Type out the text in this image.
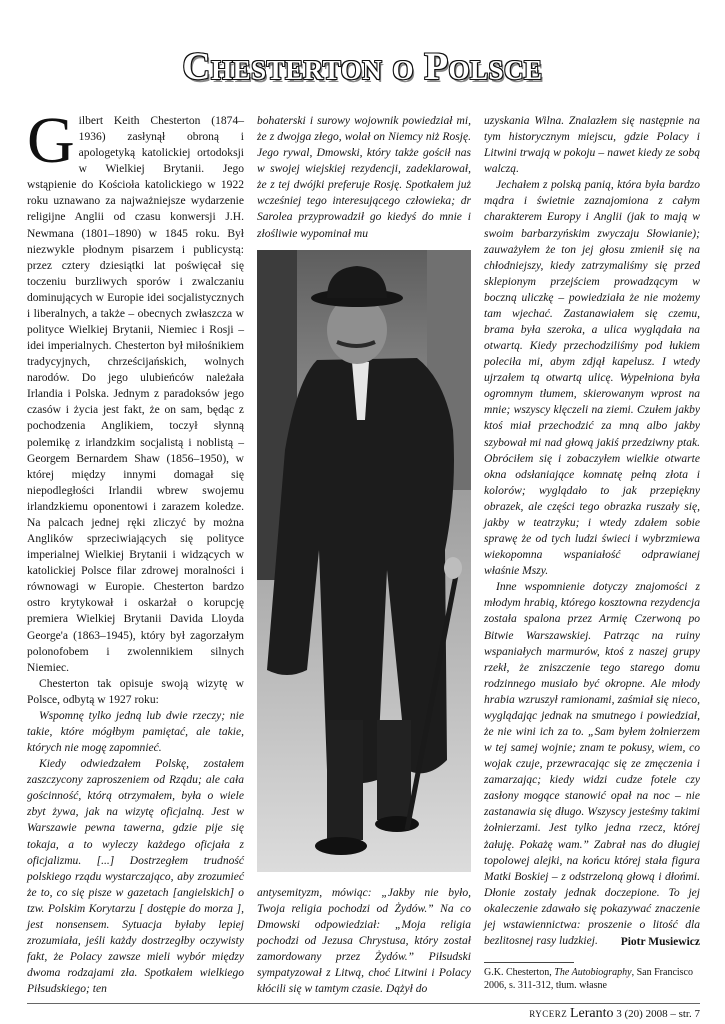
Chesterton o Polsce

Gilbert Keith Chesterton (1874–1936) zasłynął obroną i apologetyką katolickiej ortodoksji w Wielkiej Brytanii. Jego wstąpienie do Kościoła katolickiego w 1922 roku uznawano za najważniejsze wydarzenie religijne Anglii od czasu konwersji J.H. Newmana (1801–1890) w 1845 roku. Był niezwykle płodnym pisarzem i publicystą: przez cztery dziesiątki lat poświęcał się toczeniu burzliwych sporów i zwalczaniu dominujących w Europie idei socjalistycznych i liberalnych, a także – obecnych zwłaszcza w polityce Wielkiej Brytanii, Niemiec i Rosji – idei imperialnych. Chesterton był miłośnikiem tradycyjnych, chrześcijańskich, wolnych narodów. Do jego ulubieńców należała Irlandia i Polska. Jednym z paradoksów jego czasów i życia jest fakt, że on sam, będąc z pochodzenia Anglikiem, toczył słynną polemikę z irlandzkim socjalistą i noblistą – Georgem Bernardem Shaw (1856–1950), w której między innymi domagał się niepodległości Irlandii wbrew swojemu irlandzkiemu oponentowi i zarazem koledze. Na palcach jednej ręki zliczyć by można Anglików sprzeciwiających się polityce imperialnej Wielkiej Brytanii i widzących w katolickiej Polsce filar zdrowej moralności i równowagi w Europie. Chesterton bardzo ostro krytykował i oskarżał o korupcję premiera Wielkiej Brytanii Davida Lloyda George'a (1863–1945), który był zagorzałym polonofobem i zwolennikiem silnych Niemiec.

Chesterton tak opisuje swoją wizytę w Polsce, odbytą w 1927 roku:

Wspomnę tylko jedną lub dwie rzeczy; nie takie, które mógłbym pamiętać, ale takie, których nie mogę zapomnieć.

Kiedy odwiedzałem Polskę, zostałem zaszczycony zaproszeniem od Rządu; ale cała gościnność, którą otrzymałem, była o wiele zbyt żywa, jak na wizytę oficjalną. Jest w Warszawie pewna tawerna, gdzie pije się tokaja, a to wyleczy każdego oficjała z oficjalizmu. [...] Dostrzegłem trudność polskiego rządu wystarczająco, aby zrozumieć że to, co się pisze w gazetach [angielskich] o tzw. Polskim Korytarzu [ dostępie do morza ], jest nonsensem. Sytuacja byłaby lepiej zrozumiała, jeśli każdy dostrzegłby oczywisty fakt, że Polacy zawsze mieli wybór między dwoma rodzajami zła. Spotkałem wielkiego Piłsudskiego; ten

bohaterski i surowy wojownik powiedział mi, że z dwojga złego, wolał on Niemcy niż Rosję. Jego rywal, Dmowski, który także gościł nas w swojej wiejskiej rezydencji, zadeklarował, że z tej dwójki preferuje Rosję. Spotkałem już wcześniej tego interesującego człowieka; dr Sarolea przyprowadził go kiedyś do mnie i złośliwie wypominał mu

antysemityzm, mówiąc: „Jakby nie było, Twoja religia pochodzi od Żydów.” Na co Dmowski odpowiedział: „Moja religia pochodzi od Jezusa Chrystusa, który został zamordowany przez Żydów.” Piłsudski sympatyzował z Litwą, choć Litwini i Polacy kłócili się w tamtym czasie. Dążył do

uzyskania Wilna. Znalazłem się następnie na tym historycznym miejscu, gdzie Polacy i Litwini trwają w pokoju – nawet kiedy ze sobą walczą.

Jechałem z polską panią, która była bardzo mądra i świetnie zaznajomiona z całym charakterem Europy i Anglii (jak to mają w swoim barbarzyńskim zwyczaju Słowianie); zauważyłem że ton jej głosu zmienił się na chłodniejszy, kiedy zatrzymaliśmy się przed sklepionym przejściem prowadzącym w boczną uliczkę – powiedziała że nie możemy tam wjechać. Zastanawiałem się czemu, brama była szeroka, a ulica wyglądała na otwartą. Kiedy przechodziliśmy pod łukiem poleciła mi, abym zdjął kapelusz. I wtedy ujrzałem tą otwartą ulicę. Wypełniona była ogromnym tłumem, skierowanym wprost na mnie; wszyscy klęczeli na ziemi. Czułem jakby ktoś miał przechodzić za mną albo jakby szybował mi nad głową jakiś przedziwny ptak. Obróciłem się i zobaczyłem wielkie otwarte okna odsłaniające komnatę pełną złota i kolorów; wyglądało to jak przepiękny obrazek, ale części tego obrazka ruszały się, jakby w teatrzyku; i wtedy zdałem sobie sprawę że od tych ludzi świeci i wybrzmiewa wiekopomna wspaniałość odprawianej właśnie Mszy.

Inne wspomnienie dotyczy znajomości z młodym hrabią, którego kosztowna rezydencja została spalona przez Armię Czerwoną po Bitwie Warszawskiej. Patrząc na ruiny wspaniałych marmurów, ktoś z naszej grupy rzekł, że zniszczenie tego starego domu rodzinnego musiało być okropne. Ale młody hrabia wzruszył ramionami, zaśmiał się nieco, wyglądając jednak na smutnego i powiedział, że nie wini ich za to. „Sam byłem żołnierzem w tej samej wojnie; znam te pokusy, wiem, co wojak czuje, przewracając się ze zmęczenia i zamarzając; kiedy widzi cudze fotele czy zasłony mogące stanowić opał na noc – nie zastanawia się długo. Wszyscy jesteśmy takimi żołnierzami. Jest tylko jedna rzecz, której żałuję. Pokażę wam.” Zabrał nas do długiej topolowej alejki, na końcu której stała figura Matki Boskiej – z odstrzeloną głową i dłońmi. Dłonie zostały jednak doczepione. To jej okaleczenie zdawało się pokazywać znaczenie jej wstawiennictwa: proszenie o litość dla bezlitosnej rasy ludzkiej.	Piotr Musiewicz
G.K. Chesterton, The Autobiography, San Francisco 2006, s. 311-312, tłum. własne
RYCERZ Leranto 3 (20) 2008 – str. 7
